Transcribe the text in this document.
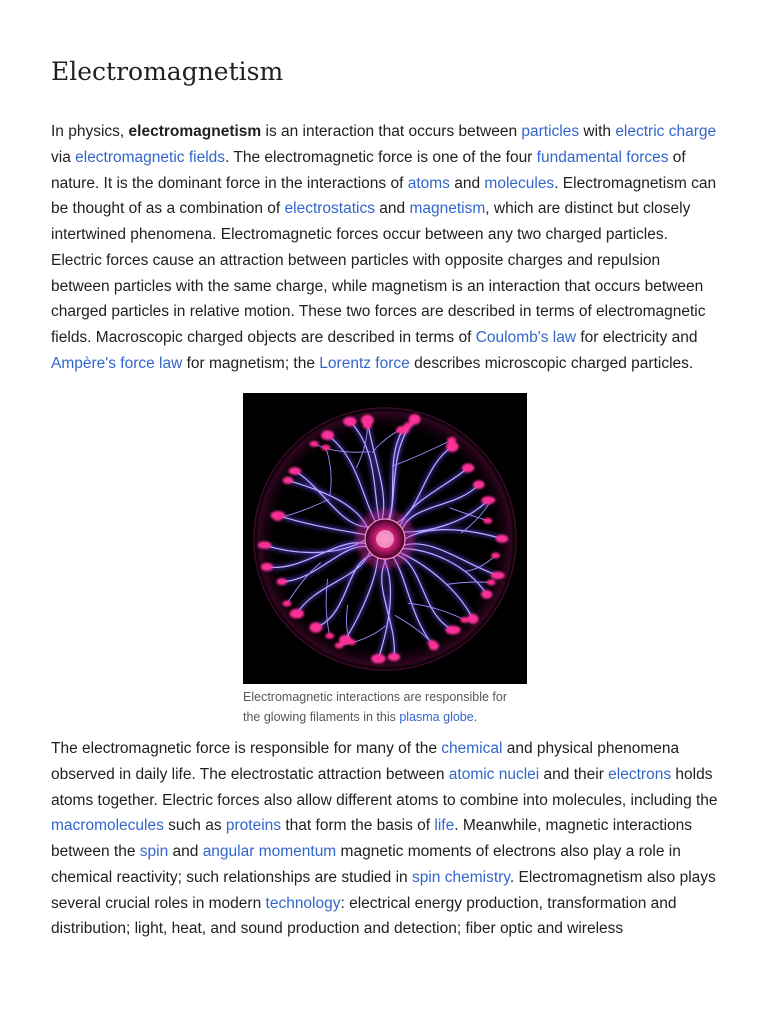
Electromagnetism

In physics, electromagnetism is an interaction that occurs between particles with electric charge via electromagnetic fields. The electromagnetic force is one of the four fundamental forces of nature. It is the dominant force in the interactions of atoms and molecules. Electromagnetism can be thought of as a combination of electrostatics and magnetism, which are distinct but closely intertwined phenomena. Electromagnetic forces occur between any two charged particles. Electric forces cause an attraction between particles with opposite charges and repulsion between particles with the same charge, while magnetism is an interaction that occurs between charged particles in relative motion. These two forces are described in terms of electromagnetic fields. Macroscopic charged objects are described in terms of Coulomb's law for electricity and Ampère's force law for magnetism; the Lorentz force describes microscopic charged particles.

Electromagnetic interactions are responsible for the glowing filaments in this plasma globe.

The electromagnetic force is responsible for many of the chemical and physical phenomena observed in daily life. The electrostatic attraction between atomic nuclei and their electrons holds atoms together. Electric forces also allow different atoms to combine into molecules, including the macromolecules such as proteins that form the basis of life. Meanwhile, magnetic interactions between the spin and angular momentum magnetic moments of electrons also play a role in chemical reactivity; such relationships are studied in spin chemistry. Electromagnetism also plays several crucial roles in modern technology: electrical energy production, transformation and distribution; light, heat, and sound production and detection; fiber optic and wireless
